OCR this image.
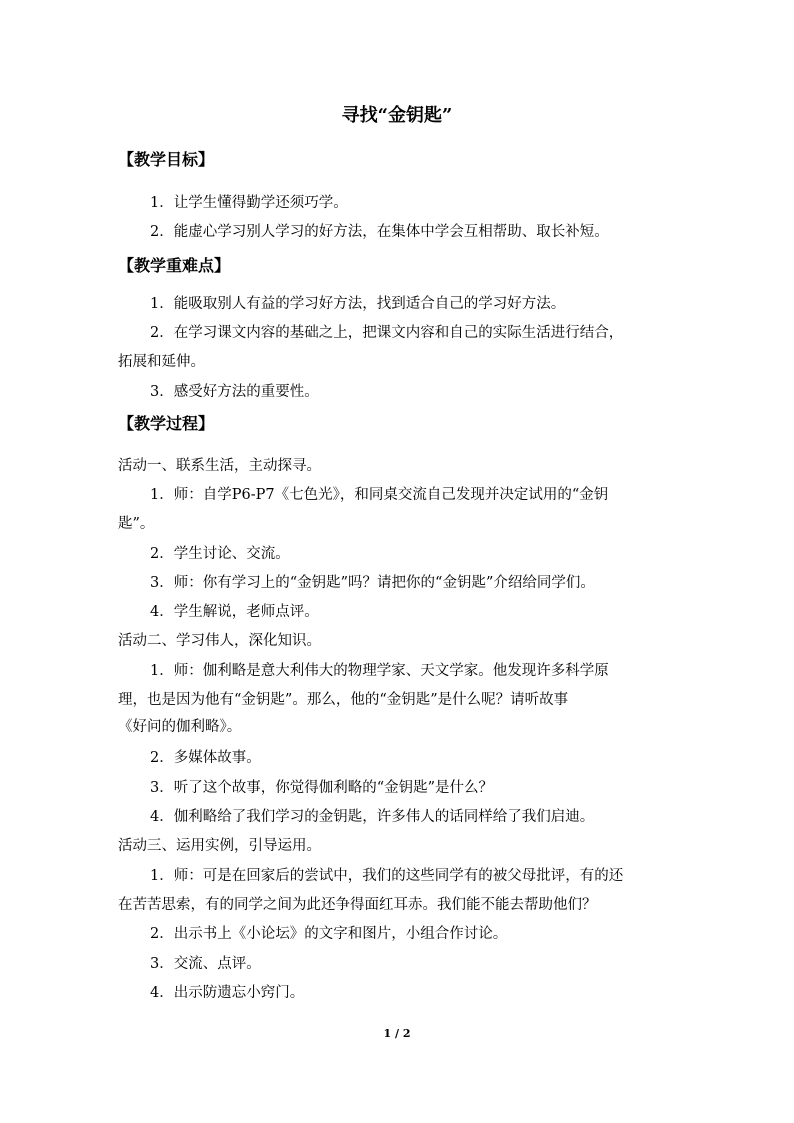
寻找“金钥匙”
【教学目标】
1．让学生懂得勤学还须巧学。
2．能虚心学习别人学习的好方法，在集体中学会互相帮助、取长补短。
【教学重难点】
1．能吸取别人有益的学习好方法，找到适合自己的学习好方法。
2．在学习课文内容的基础之上，把课文内容和自己的实际生活进行结合，
拓展和延伸。
3．感受好方法的重要性。
【教学过程】
活动一、联系生活，主动探寻。
1．师：自学P6-P7《七色光》，和同桌交流自己发现并决定试用的“金钥
匙”。
2．学生讨论、交流。
3．师：你有学习上的“金钥匙”吗？请把你的“金钥匙”介绍给同学们。
4．学生解说，老师点评。
活动二、学习伟人，深化知识。
1．师：伽利略是意大利伟大的物理学家、天文学家。他发现许多科学原
理，也是因为他有“金钥匙”。那么，他的“金钥匙”是什么呢？请听故事
《好问的伽利略》。
2．多媒体故事。
3．听了这个故事，你觉得伽利略的“金钥匙”是什么？
4．伽利略给了我们学习的金钥匙，许多伟人的话同样给了我们启迪。
活动三、运用实例，引导运用。
1．师：可是在回家后的尝试中，我们的这些同学有的被父母批评，有的还
在苦苦思索，有的同学之间为此还争得面红耳赤。我们能不能去帮助他们？
2．出示书上《小论坛》的文字和图片，小组合作讨论。
3．交流、点评。
4．出示防遗忘小窍门。
1 / 2
